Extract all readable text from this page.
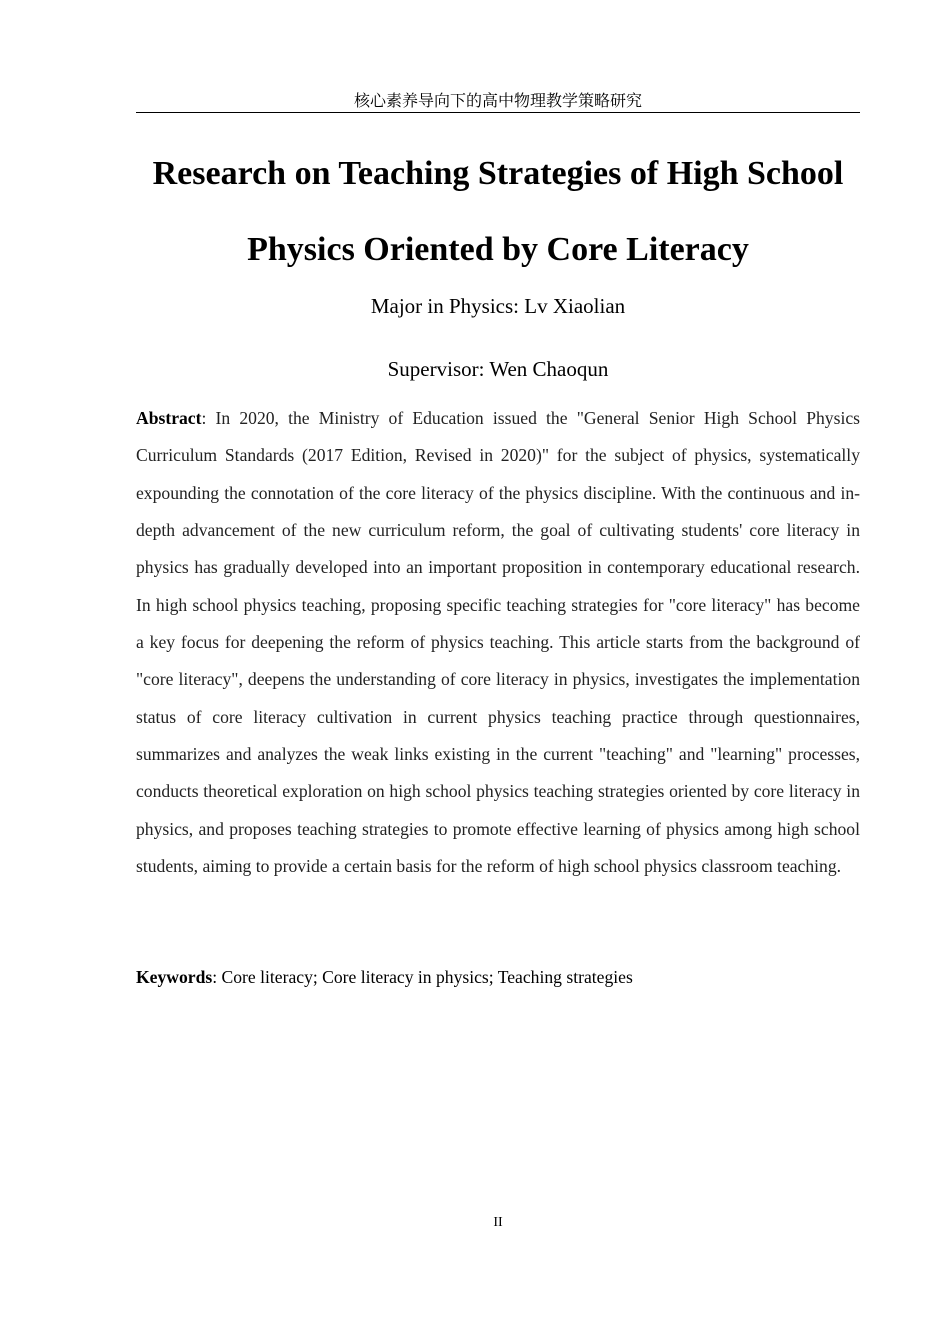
核心素养导向下的高中物理教学策略研究
Research on Teaching Strategies of High School
Physics Oriented by Core Literacy
Major in Physics: Lv Xiaolian
Supervisor: Wen Chaoqun

Abstract: In 2020, the Ministry of Education issued the "General Senior High School Physics Curriculum Standards (2017 Edition, Revised in 2020)" for the subject of physics, systematically expounding the connotation of the core literacy of the physics discipline. With the continuous and in-depth advancement of the new curriculum reform, the goal of cultivating students' core literacy in physics has gradually developed into an important proposition in contemporary educational research. In high school physics teaching, proposing specific teaching strategies for "core literacy" has become a key focus for deepening the reform of physics teaching. This article starts from the background of "core literacy", deepens the understanding of core literacy in physics, investigates the implementation status of core literacy cultivation in current physics teaching practice through questionnaires, summarizes and analyzes the weak links existing in the current "teaching" and "learning" processes, conducts theoretical exploration on high school physics teaching strategies oriented by core literacy in physics, and proposes teaching strategies to promote effective learning of physics among high school students, aiming to provide a certain basis for the reform of high school physics classroom teaching.

Keywords: Core literacy; Core literacy in physics; Teaching strategies

II
